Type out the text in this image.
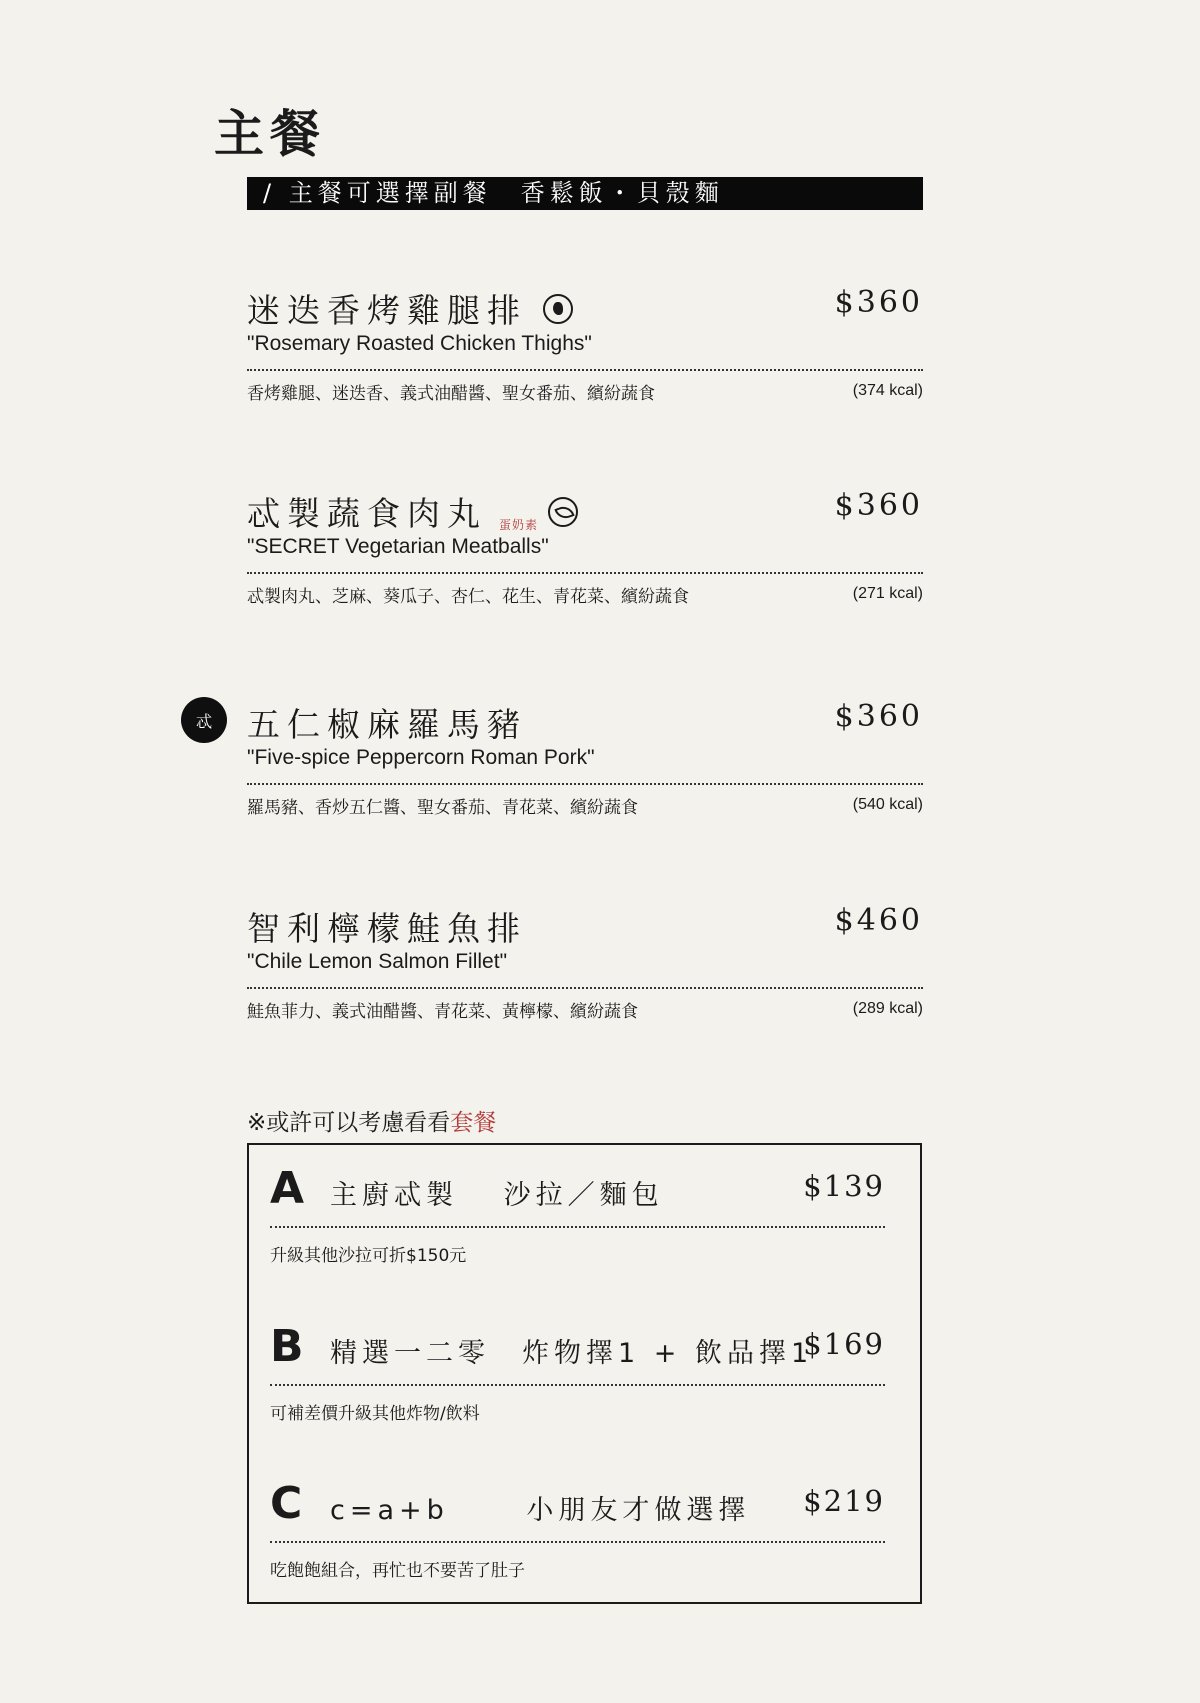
主餐
/ 主餐可選擇副餐　香鬆飯・貝殼麵
迷迭香烤雞腿排	$360
"Rosemary Roasted Chicken Thighs"
香烤雞腿、迷迭香、義式油醋醬、聖女番茄、繽紛蔬食	(374 kcal)
忒製蔬食肉丸 蛋奶素
$360
"SECRET Vegetarian Meatballs"
忒製肉丸、芝麻、葵瓜子、杏仁、花生、青花菜、繽紛蔬食	(271 kcal)
忒	五仁椒麻羅馬豬	$360
"Five-spice Peppercorn Roman Pork"
羅馬豬、香炒五仁醬、聖女番茄、青花菜、繽紛蔬食	(540 kcal)
智利檸檬鮭魚排	$460
"Chile Lemon Salmon Fillet"
鮭魚菲力、義式油醋醬、青花菜、黃檸檬、繽紛蔬食	(289 kcal)
※或許可以考慮看看套餐
A 主廚忒製　 沙拉／麵包	$139
升級其他沙拉可折$150元
B 精選一二零　炸物擇1 + 飲品擇1
$169
可補差價升級其他炸物/飲料
C c=a+b　　 小朋友才做選擇 $219
吃飽飽組合，再忙也不要苦了肚子
